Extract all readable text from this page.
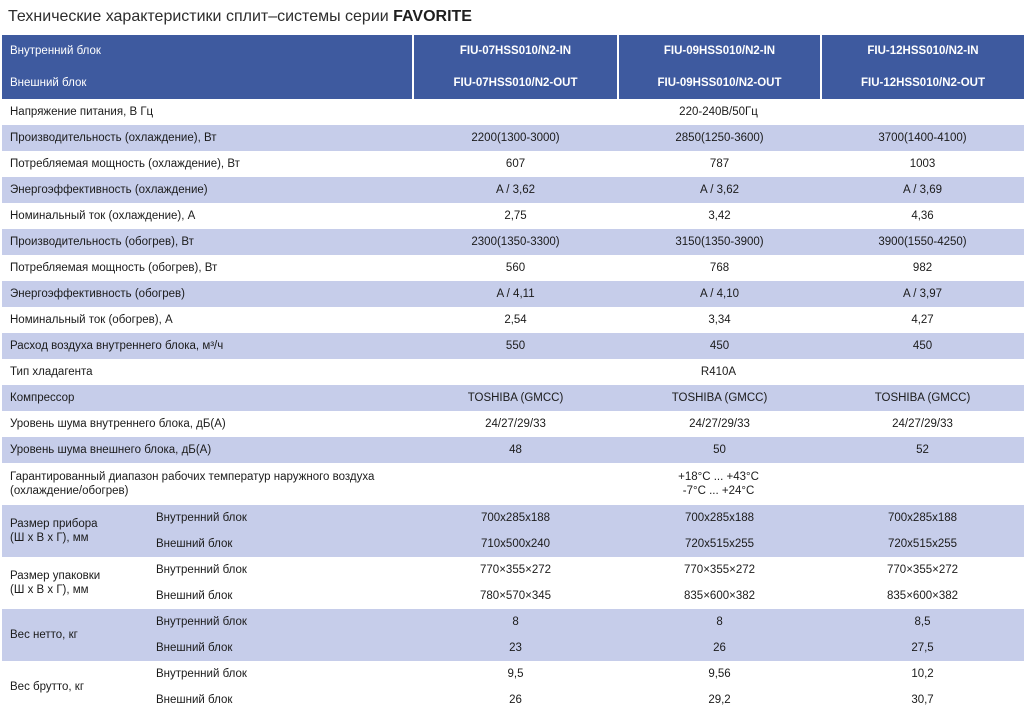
Технические характеристики сплит–системы серии FAVORITE
Внутренний блок		FIU-07HSS010/N2-IN	FIU-09HSS010/N2-IN	FIU-12HSS010/N2-IN
Внешний блок		FIU-07HSS010/N2-OUT	FIU-09HSS010/N2-OUT	FIU-12HSS010/N2-OUT
Напряжение питания, В Гц		220-240В/50Гц		
Производительность (охлаждение), Вт		2200(1300-3000)	2850(1250-3600)	3700(1400-4100)
Потребляемая мощность (охлаждение), Вт		607	787	1003
Энергоэффективность (охлаждение)		A / 3,62	A / 3,62	A / 3,69
Номинальный ток (охлаждение), А		2,75	3,42	4,36
Производительность (обогрев), Вт		2300(1350-3300)	3150(1350-3900)	3900(1550-4250)
Потребляемая мощность (обогрев), Вт		560	768	982
Энергоэффективность (обогрев)		A / 4,11	A / 4,10	A / 3,97
Номинальный ток (обогрев), А		2,54	3,34	4,27
Расход воздуха внутреннего блока, м³/ч		550	450	450
Тип хладагента		R410A		
Компрессор		TOSHIBA (GMCC)	TOSHIBA (GMCC)	TOSHIBA (GMCC)
Уровень шума внутреннего блока, дБ(А)		24/27/29/33	24/27/29/33	24/27/29/33
Уровень шума внешнего блока, дБ(А)		48	50	52
Гарантированный диапазон рабочих температур наружного воздуха
(охлаждение/обогрев)		+18°C ... +43°C
-7°C ... +24°C		
Размер прибора
(Ш х В х Г), мм	Внутренний блок	700x285x188	700x285x188	700x285x188
	Внешний блок	710x500x240	720x515x255	720x515x255
Размер упаковки
(Ш х В х Г), мм	Внутренний блок	770×355×272	770×355×272	770×355×272
	Внешний блок	780×570×345	835×600×382	835×600×382
Вес нетто, кг	Внутренний блок	8	8	8,5
	Внешний блок	23	26	27,5
Вес брутто, кг	Внутренний блок	9,5	9,56	10,2
	Внешний блок	26	29,2	30,7
